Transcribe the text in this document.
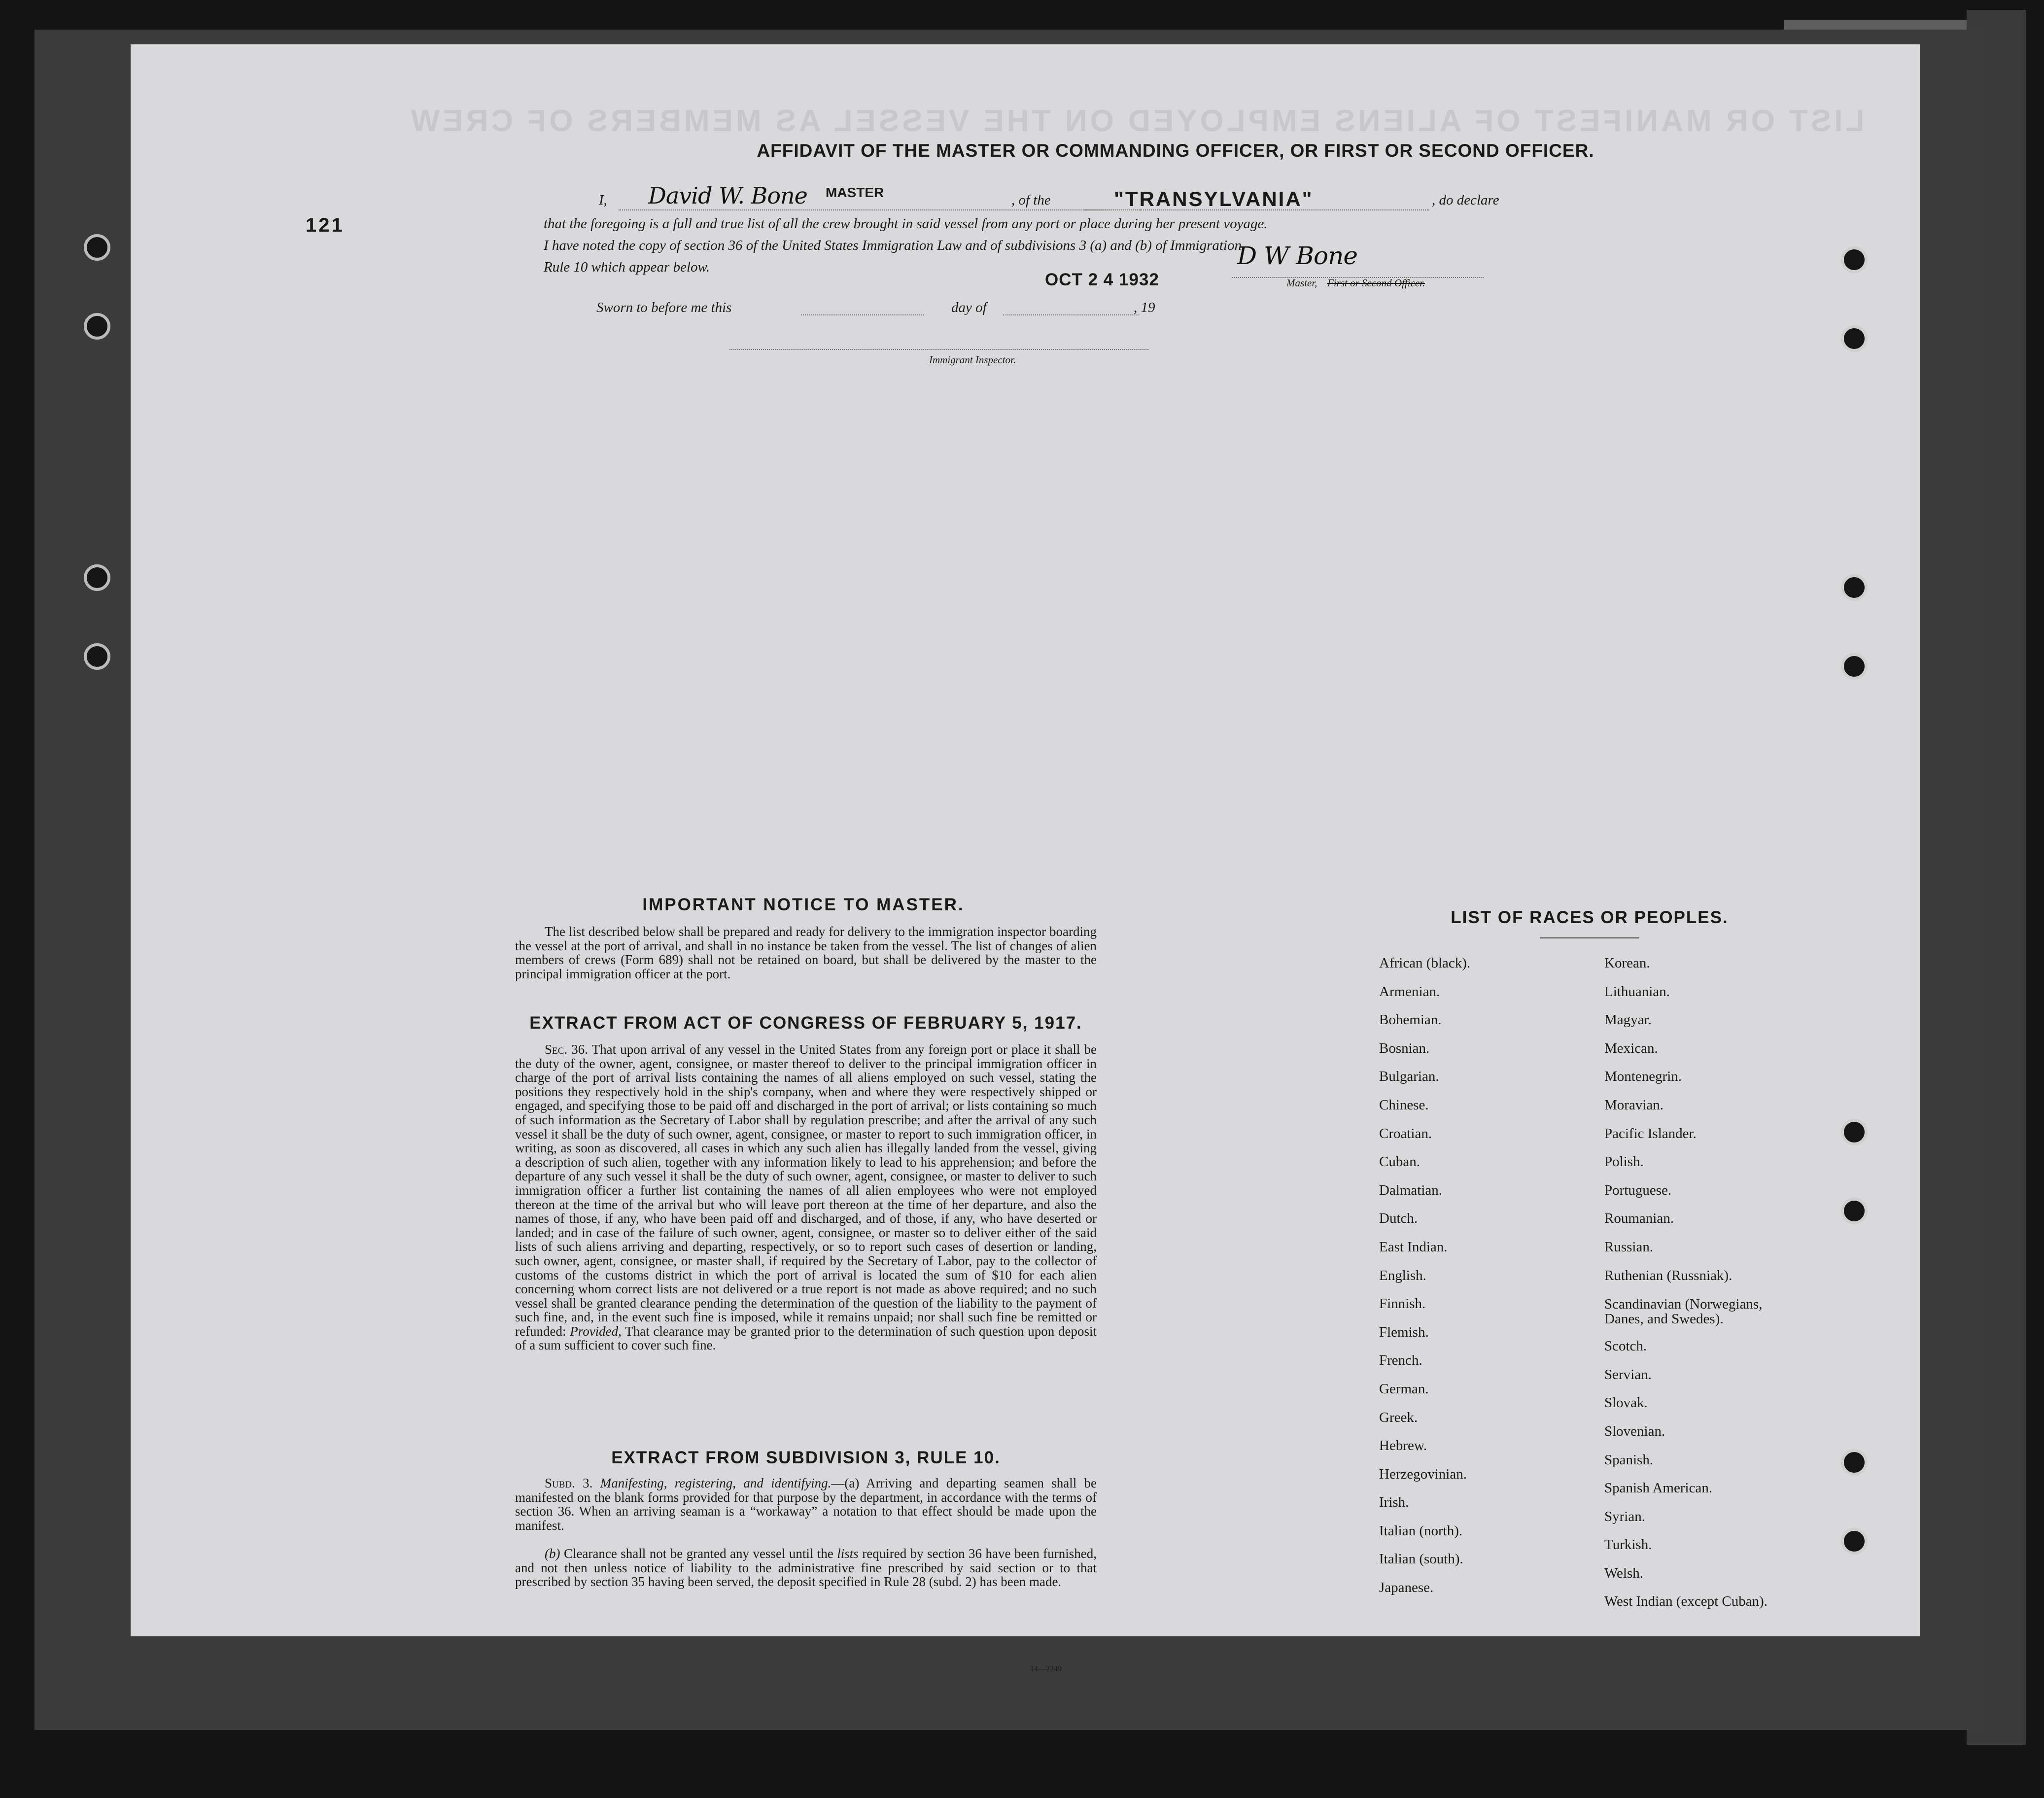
LIST OR MANIFEST OF ALIENS EMPLOYED ON THE VESSEL AS MEMBERS OF CREW
121
AFFIDAVIT OF THE MASTER OR COMMANDING OFFICER, OR FIRST OR SECOND OFFICER.
I, David W. Bone MASTER	, of the	"TRANSYLVANIA"	, do declare
that the foregoing is a full and true list of all the crew brought in said vessel from any port or place during her present voyage.
I have noted the copy of section 36 of the United States Immigration Law and of subdivisions 3 (a) and (b) of Immigration
Rule 10 which appear below.
OCT 2 4 1932
D W Bone
Master, First or Second Officer.
Sworn to before me this	day of	, 19
Immigrant Inspector.
IMPORTANT NOTICE TO MASTER.
The list described below shall be prepared and ready for delivery to the immigration inspector boarding the vessel at the port of arrival, and shall in no instance be taken from the vessel. The list of changes of alien members of crews (Form 689) shall not be retained on board, but shall be delivered by the master to the principal immigration officer at the port.
EXTRACT FROM ACT OF CONGRESS OF FEBRUARY 5, 1917.
Sec. 36. That upon arrival of any vessel in the United States from any foreign port or place it shall be the duty of the owner, agent, consignee, or master thereof to deliver to the principal immigration officer in charge of the port of arrival lists containing the names of all aliens employed on such vessel, stating the positions they respectively hold in the ship's company, when and where they were respectively shipped or engaged, and specifying those to be paid off and discharged in the port of arrival; or lists containing so much of such information as the Secretary of Labor shall by regulation prescribe; and after the arrival of any such vessel it shall be the duty of such owner, agent, consignee, or master to report to such immigration officer, in writing, as soon as discovered, all cases in which any such alien has illegally landed from the vessel, giving a description of such alien, together with any information likely to lead to his apprehension; and before the departure of any such vessel it shall be the duty of such owner, agent, consignee, or master to deliver to such immigration officer a further list containing the names of all alien employees who were not employed thereon at the time of the arrival but who will leave port thereon at the time of her departure, and also the names of those, if any, who have been paid off and discharged, and of those, if any, who have deserted or landed; and in case of the failure of such owner, agent, consignee, or master so to deliver either of the said lists of such aliens arriving and departing, respectively, or so to report such cases of desertion or landing, such owner, agent, consignee, or master shall, if required by the Secretary of Labor, pay to the collector of customs of the customs district in which the port of arrival is located the sum of $10 for each alien concerning whom correct lists are not delivered or a true report is not made as above required; and no such vessel shall be granted clearance pending the determination of the question of the liability to the payment of such fine, and, in the event such fine is imposed, while it remains unpaid; nor shall such fine be remitted or refunded: Provided, That clearance may be granted prior to the determination of such question upon deposit of a sum sufficient to cover such fine.
EXTRACT FROM SUBDIVISION 3, RULE 10.
Subd. 3. Manifesting, registering, and identifying.—(a) Arriving and departing seamen shall be manifested on the blank forms provided for that purpose by the department, in accordance with the terms of section 36. When an arriving seaman is a “workaway” a notation to that effect should be made upon the manifest.
(b) Clearance shall not be granted any vessel until the lists required by section 36 have been furnished, and not then unless notice of liability to the administrative fine prescribed by said section or to that prescribed by section 35 having been served, the deposit specified in Rule 28 (subd. 2) has been made.
14—2249
LIST OF RACES OR PEOPLES.
African (black).
Armenian.
Bohemian.
Bosnian.
Bulgarian.
Chinese.
Croatian.
Cuban.
Dalmatian.
Dutch.
East Indian.
English.
Finnish.
Flemish.
French.
German.
Greek.
Hebrew.
Herzegovinian.
Irish.
Italian (north).
Italian (south).
Japanese.
Korean.
Lithuanian.
Magyar.
Mexican.
Montenegrin.
Moravian.
Pacific Islander.
Polish.
Portuguese.
Roumanian.
Russian.
Ruthenian (Russniak).
Scandinavian (Norwegians,
Danes, and Swedes).
Scotch.
Servian.
Slovak.
Slovenian.
Spanish.
Spanish American.
Syrian.
Turkish.
Welsh.
West Indian (except Cuban).
